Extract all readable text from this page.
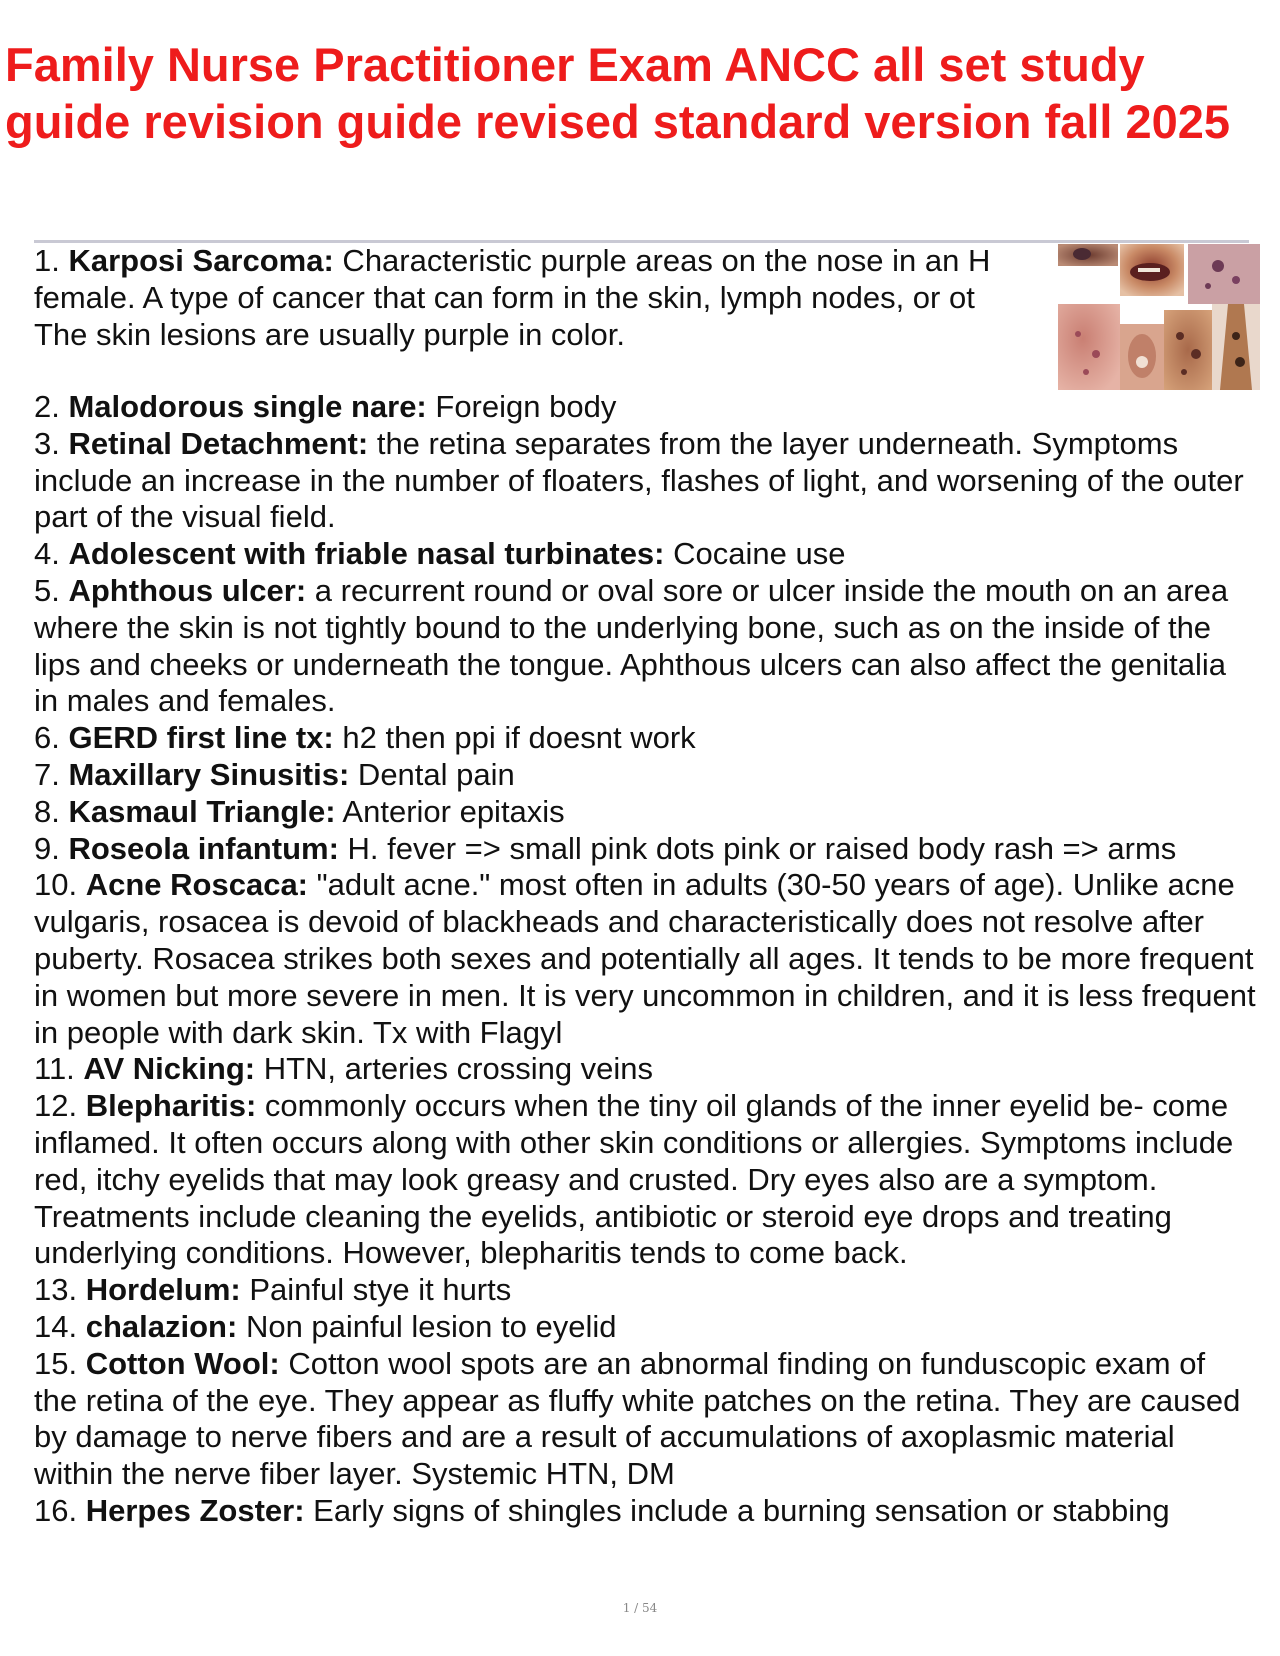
Family Nurse Practitioner Exam ANCC all set study guide revision guide revised standard version fall 2025

1. Karposi Sarcoma: Characteristic purple areas on the nose in an H
female. A type of cancer that can form in the skin, lymph nodes, or ot
The skin lesions are usually purple in color.

2. Malodorous single nare: Foreign body

3. Retinal Detachment: the retina separates from the layer underneath. Symptoms include an increase in the number of floaters, flashes of light, and worsening of the outer part of the visual field.

4. Adolescent with friable nasal turbinates: Cocaine use

5. Aphthous ulcer: a recurrent round or oval sore or ulcer inside the mouth on an area where the skin is not tightly bound to the underlying bone, such as on the inside of the lips and cheeks or underneath the tongue. Aphthous ulcers can also affect the genitalia in males and females.

6. GERD first line tx: h2 then ppi if doesnt work

7. Maxillary Sinusitis: Dental pain

8. Kasmaul Triangle: Anterior epitaxis

9. Roseola infantum: H. fever => small pink dots pink or raised body rash => arms

10. Acne Roscaca: "adult acne." most often in adults (30-50 years of age). Unlike acne vulgaris, rosacea is devoid of blackheads and characteristically does not resolve after puberty. Rosacea strikes both sexes and potentially all ages. It tends to be more frequent in women but more severe in men. It is very uncommon in children, and it is less frequent in people with dark skin. Tx with Flagyl

11. AV Nicking: HTN, arteries crossing veins

12. Blepharitis: commonly occurs when the tiny oil glands of the inner eyelid be- come inflamed. It often occurs along with other skin conditions or allergies. Symptoms include red, itchy eyelids that may look greasy and crusted. Dry eyes also are a symptom.

Treatments include cleaning the eyelids, antibiotic or steroid eye drops and treating underlying conditions. However, blepharitis tends to come back.

13. Hordelum: Painful stye it hurts

14. chalazion: Non painful lesion to eyelid

15. Cotton Wool: Cotton wool spots are an abnormal finding on funduscopic exam of the retina of the eye. They appear as fluffy white patches on the retina. They are caused by damage to nerve fibers and are a result of accumulations of axoplasmic material within the nerve fiber layer. Systemic HTN, DM

16. Herpes Zoster: Early signs of shingles include a burning sensation or stabbing

1 / 54
